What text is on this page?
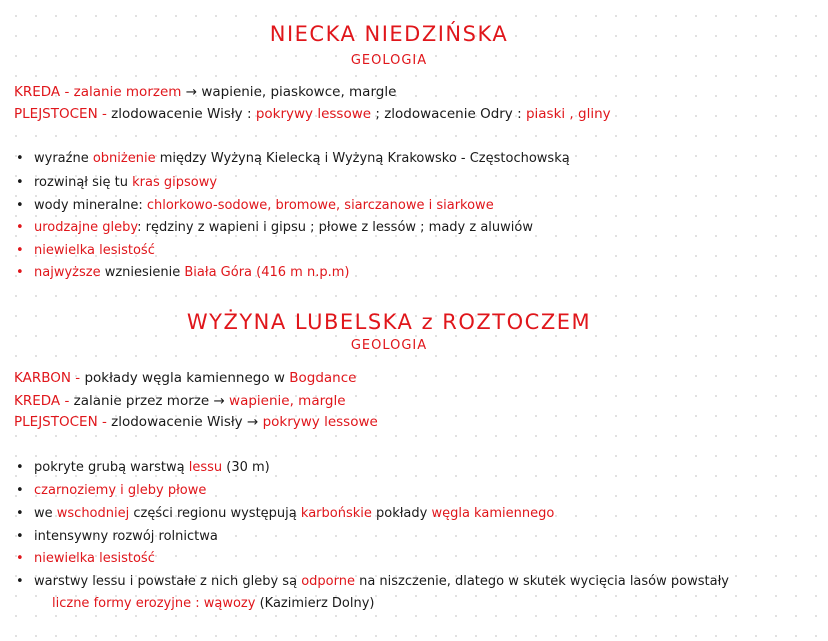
NIECKA NIEDZIŃSKA
GEOLOGIA
KREDA - zalanie morzem → wapienie, piaskowce, margle
PLEJSTOCEN - zlodowacenie Wisły : pokrywy lessowe ; zlodowacenie Odry : piaski , gliny
• wyraźne obniżenie między Wyżyną Kielecką i Wyżyną Krakowsko - Częstochowską
• rozwinął się tu kras gipsowy
• wody mineralne: chlorkowo-sodowe, bromowe, siarczanowe i siarkowe
• urodzajne gleby: rędziny z wapieni i gipsu ; płowe z lessów ; mady z aluwiów
• niewielka lesistość
• najwyższe wzniesienie Biała Góra (416 m n.p.m)
WYŻYNA LUBELSKA z ROZTOCZEM
GEOLOGIA
KARBON - pokłady węgla kamiennego w Bogdance
KREDA - zalanie przez morze → wapienie, margle
PLEJSTOCEN - zlodowacenie Wisły → pokrywy lessowe
• pokryte grubą warstwą lessu (30 m)
• czarnoziemy i gleby płowe
• we wschodniej części regionu występują karbońskie pokłady węgla kamiennego
• intensywny rozwój rolnictwa
• niewielka lesistość
• warstwy lessu i powstałe z nich gleby są odporne na niszczenie, dlatego w skutek wycięcia lasów powstały
liczne formy erozyjne : wąwozy (Kazimierz Dolny)
